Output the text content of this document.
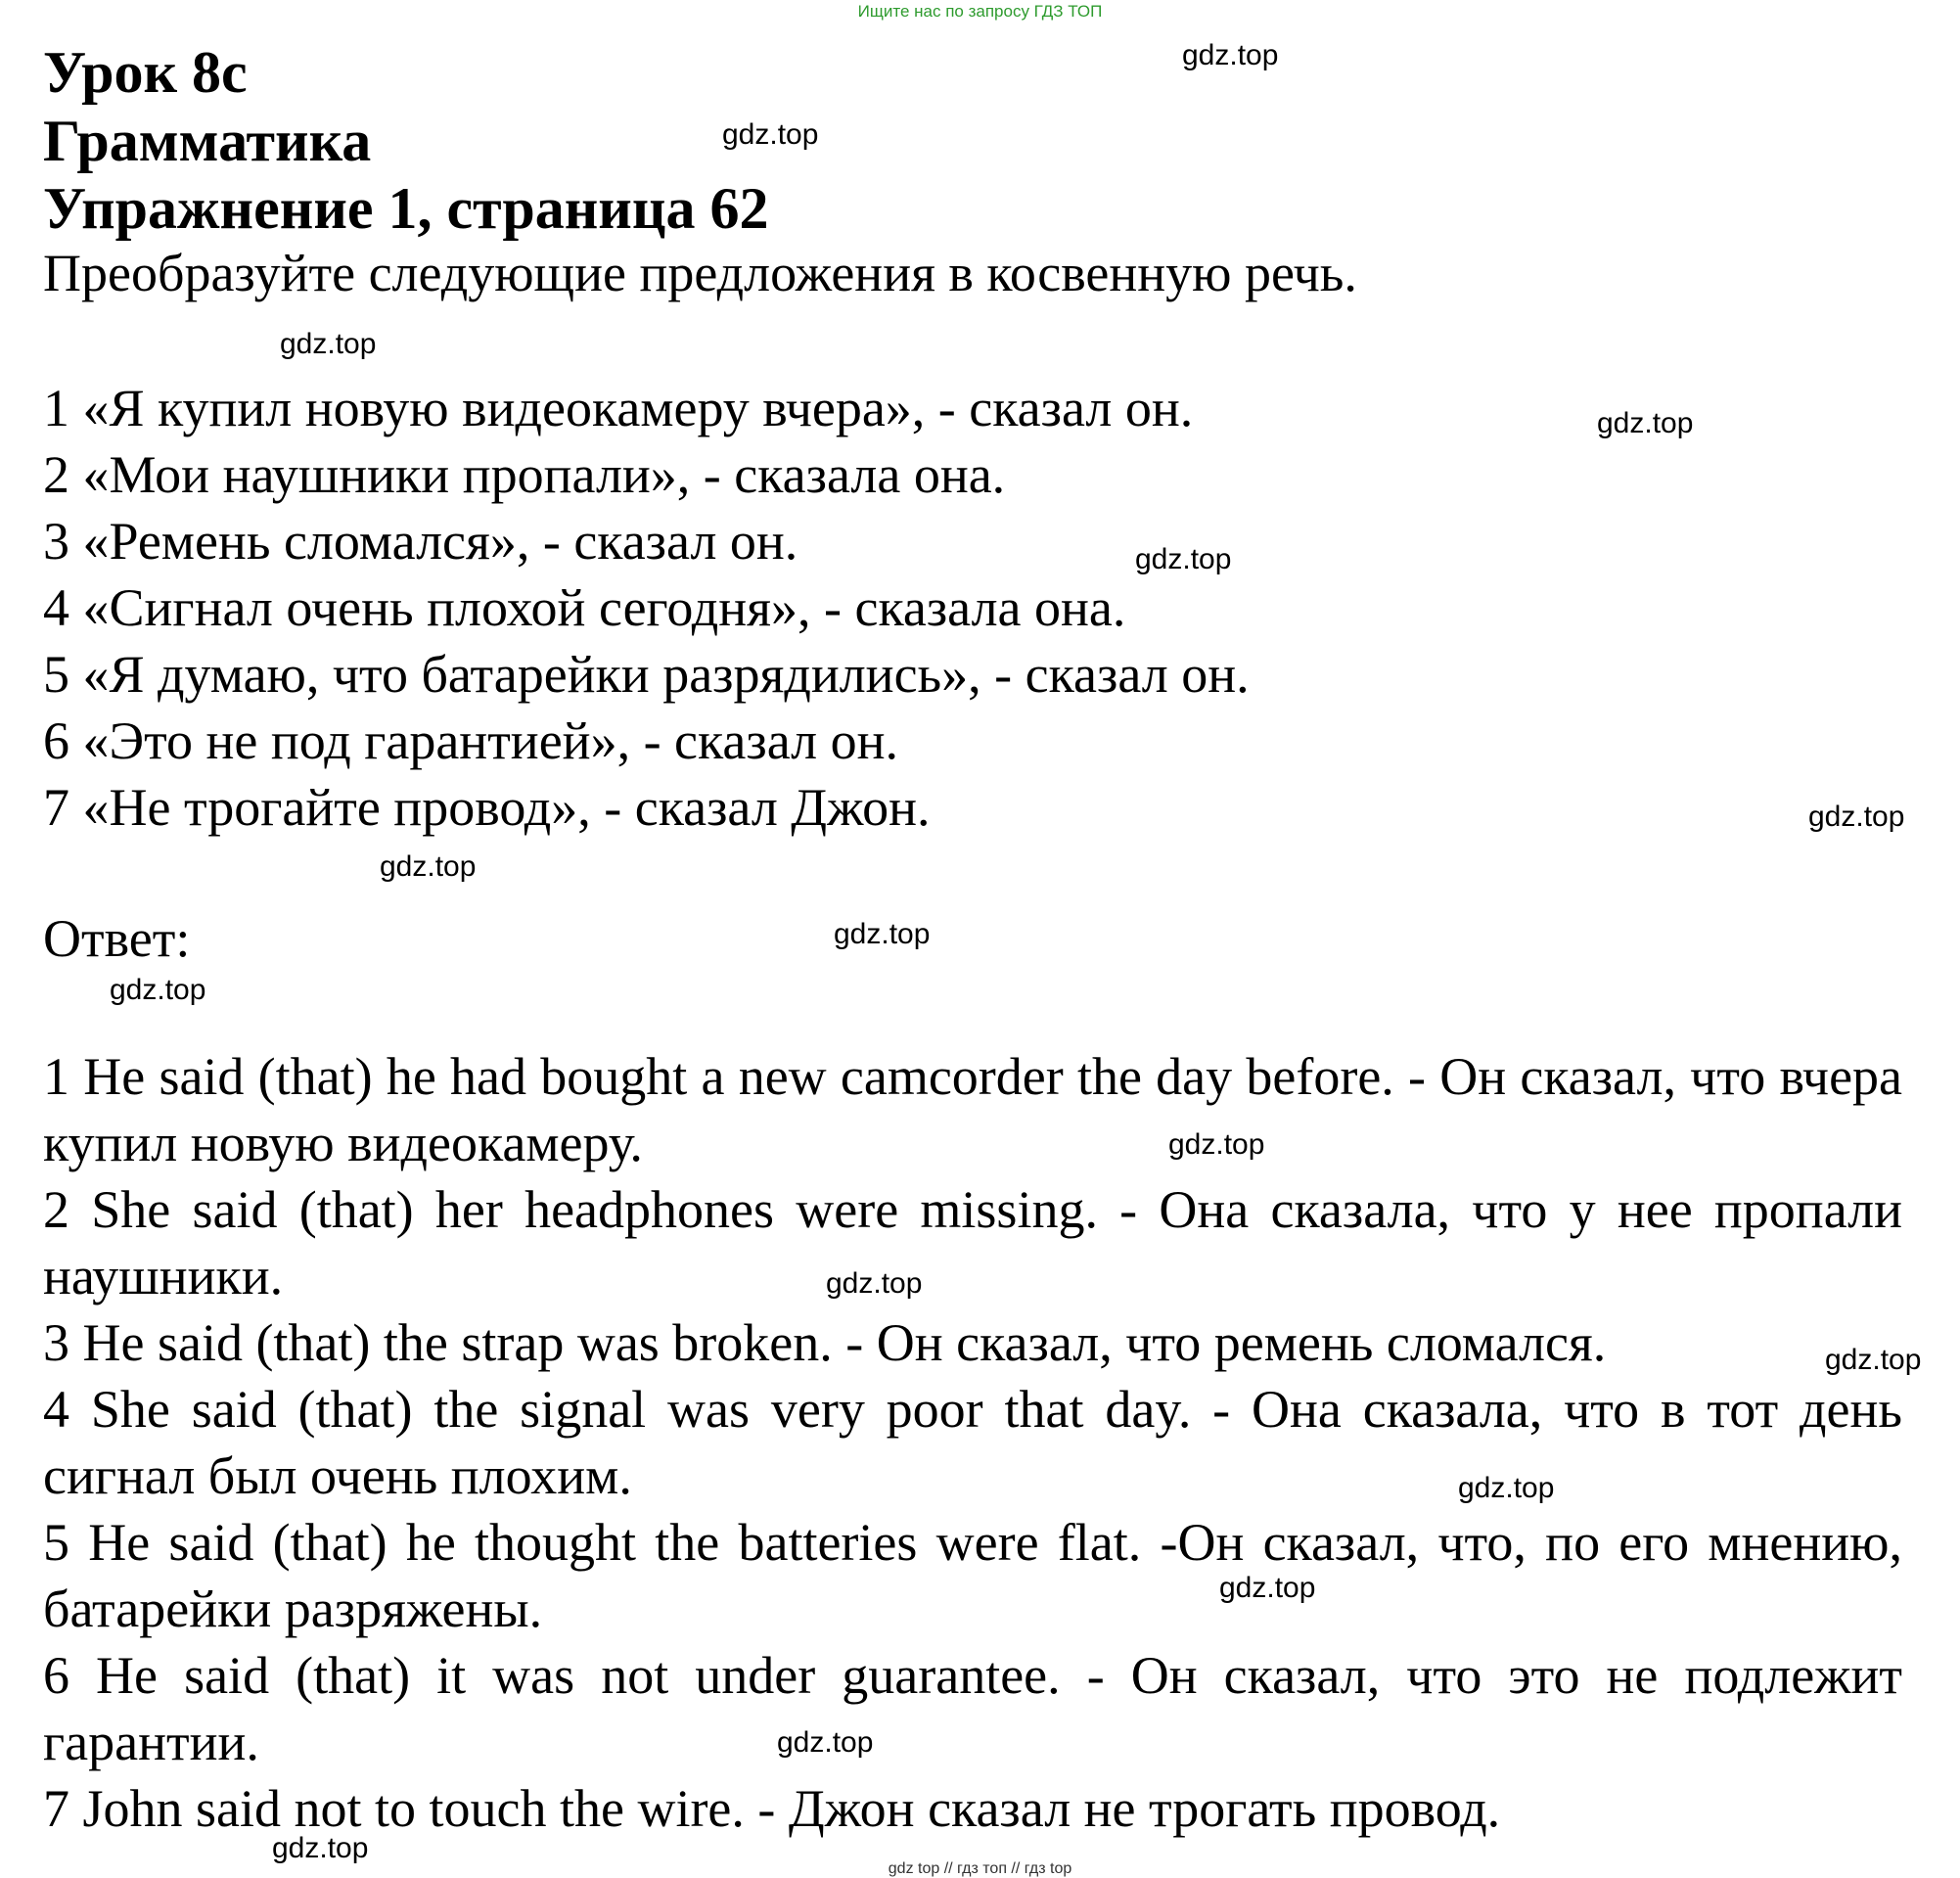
Ищите нас по запросу ГДЗ ТОП
Урок 8c
Грамматика
Упражнение 1, страница 62
Преобразуйте следующие предложения в косвенную речь.
1 «Я купил новую видеокамеру вчера», - сказал он.
2 «Мои наушники пропали», - сказала она.
3 «Ремень сломался», - сказал он.
4 «Сигнал очень плохой сегодня», - сказала она.
5 «Я думаю, что батарейки разрядились», - сказал он.
6 «Это не под гарантией», - сказал он.
7 «Не трогайте провод», - сказал Джон.
Ответ:
1 He said (that) he had bought a new camcorder the day before. - Он сказал, что вчера купил новую видеокамеру.
2 She said (that) her headphones were missing. - Она сказала, что у нее пропали наушники.
3 He said (that) the strap was broken. - Он сказал, что ремень сломался.
4 She said (that) the signal was very poor that day. - Она сказала, что в тот день сигнал был очень плохим.
5 He said (that) he thought the batteries were flat. -Он сказал, что, по его мнению, батарейки разряжены.
6 He said (that) it was not under guarantee. - Он сказал, что это не подлежит гарантии.
7 John said not to touch the wire. - Джон сказал не трогать провод.
gdz.top
gdz.top
gdz.top
gdz.top
gdz.top
gdz.top
gdz.top
gdz.top
gdz.top
gdz.top
gdz.top
gdz.top
gdz.top
gdz.top
gdz.top
gdz.top
gdz top // гдз топ // гдз top
